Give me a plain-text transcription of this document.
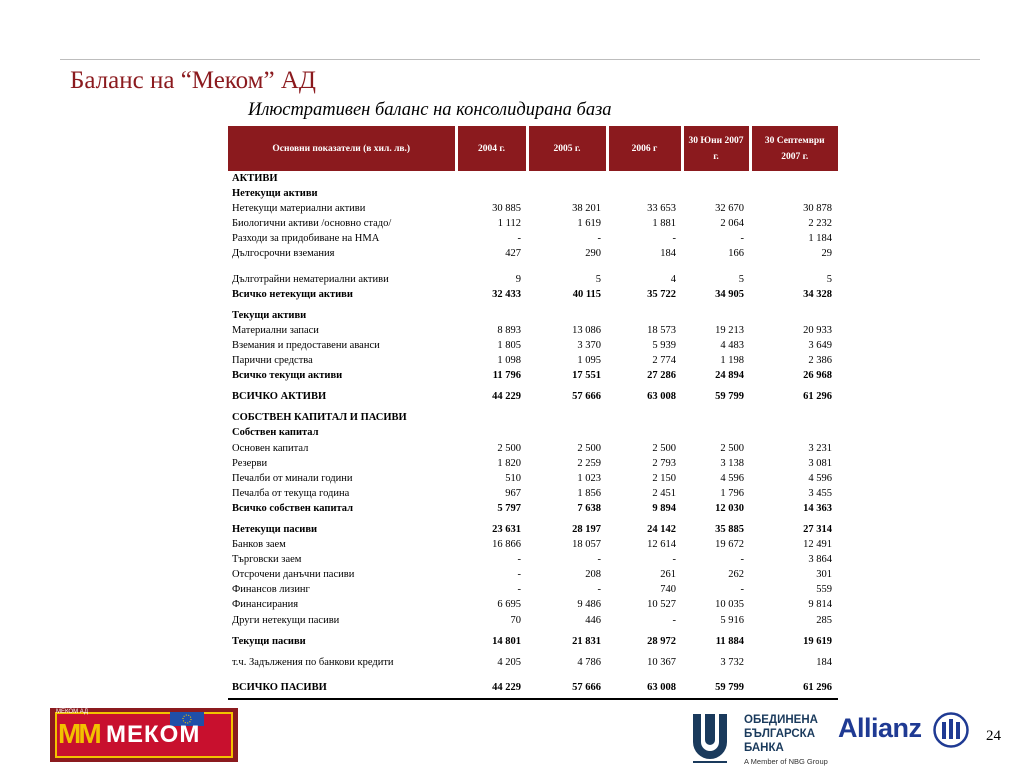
Баланс на “Меком” АД
Илюстративен баланс на консолидирана база
Основни показатели (в хил. лв.)	2004 г.	2005 г.	2006 г	30 Юни 2007 г.	30 Септември 2007 г.
АКТИВИ					
Нетекущи активи					
Нетекущи материални активи	30 885	38 201	33 653	32 670	30 878
Биологични активи /основно стадо/	1 112	1 619	1 881	2 064	2 232
Разходи за придобиване на НМА	-	-	-	-	1 184
Дългосрочни вземания	427	290	184	166	29

Дълготрайни нематериални активи	9	5	4	5	5
Всичко нетекущи активи	32 433	40 115	35 722	34 905	34 328

Текущи активи					
Материални запаси	8 893	13 086	18 573	19 213	20 933
Вземания и предоставени аванси	1 805	3 370	5 939	4 483	3 649
Парични средства	1 098	1 095	2 774	1 198	2 386
Всичко текущи активи	11 796	17 551	27 286	24 894	26 968

ВСИЧКО АКТИВИ	44 229	57 666	63 008	59 799	61 296

СОБСТВЕН КАПИТАЛ И ПАСИВИ					
Собствен капитал					
Основен капитал	2 500	2 500	2 500	2 500	3 231
Резерви	1 820	2 259	2 793	3 138	3 081
Печалби от минали години	510	1 023	2 150	4 596	4 596
Печалба от текуща година	967	1 856	2 451	1 796	3 455
Всичко собствен капитал	5 797	7 638	9 894	12 030	14 363

Нетекущи пасиви	23 631	28 197	24 142	35 885	27 314
Банков заем	16 866	18 057	12 614	19 672	12 491
Търговски заем	-	-	-	-	3 864
Отсрочени данъчни пасиви	-	208	261	262	301
Финансов лизинг	-	-	740	-	559
Финансирания	6 695	9 486	10 527	10 035	9 814
Други нетекущи пасиви	70	446	-	5 916	285

Текущи пасиви	14 801	21 831	28 972	11 884	19 619

т.ч. Задължения по банкови кредити	4 205	4 786	10 367	3 732	184

ВСИЧКО ПАСИВИ	44 229	57 666	63 008	59 799	61 296
МЕКОМ АД
MM МЕКОМ
ОБЕДИНЕНА
БЪЛГАРСКА
БАНКА
A Member of NBG Group
Allianz	24
